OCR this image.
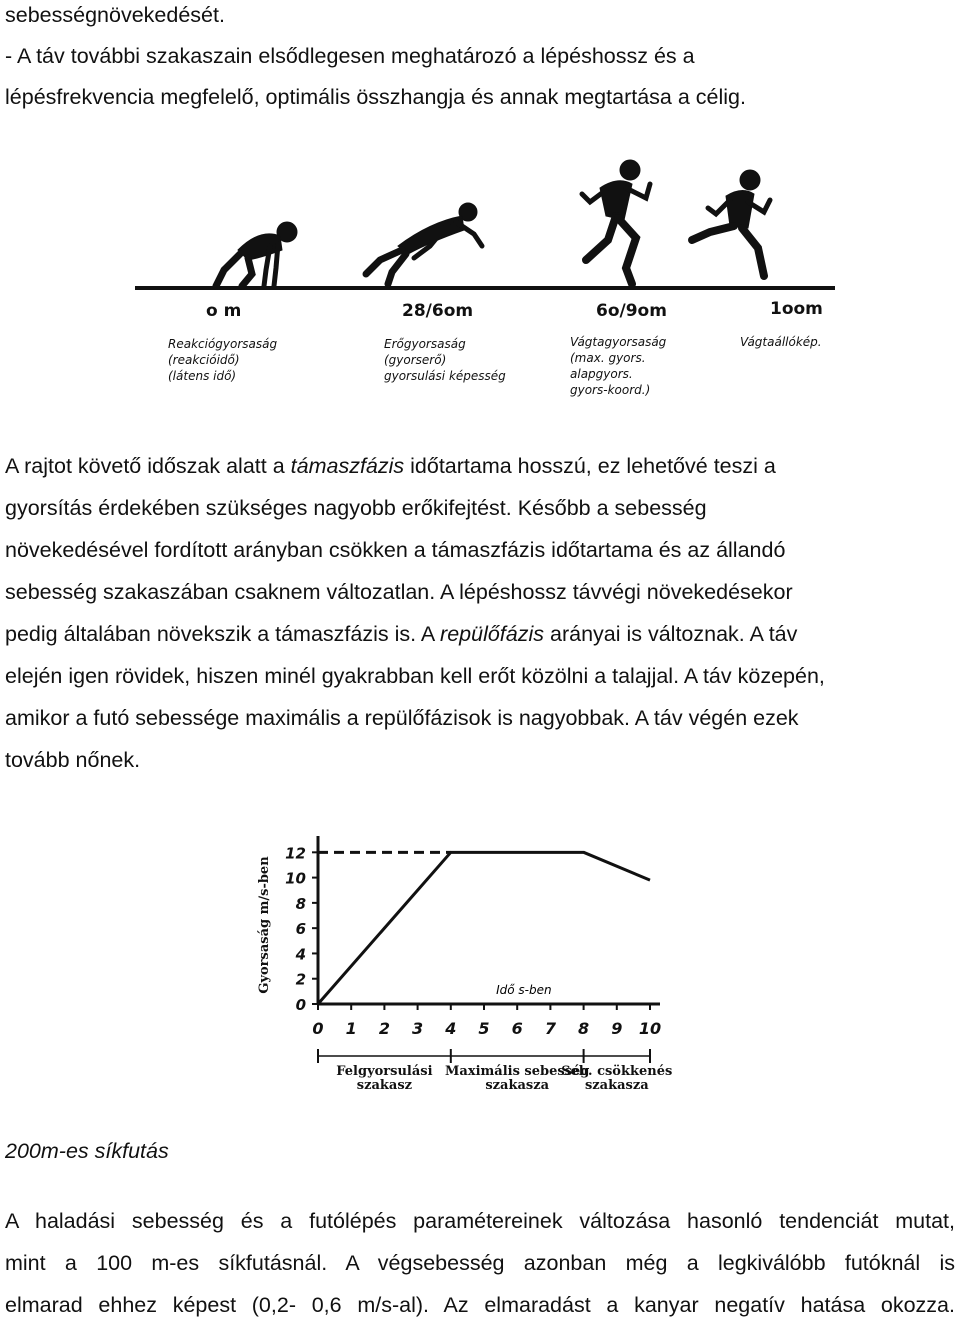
sebességnövekedését.
- A táv további szakaszain elsődlegesen meghatározó a lépéshossz és a
lépésfrekvencia megfelelő, optimális összhangja és annak megtartása a célig.
o m	28/6om	6o/9om	1oom
Reakciógyorsaság
(reakcióidő)
(látens idő)
Erőgyorsaság
(gyorserő)
gyorsulási képesség
Vágtagyorsaság
(max. gyors.
alapgyors.
gyors-koord.)
Vágtaállókép.
A rajtot követő időszak alatt a támaszfázis időtartama hosszú, ez lehetővé teszi a
gyorsítás érdekében szükséges nagyobb erőkifejtést. Később a sebesség
növekedésével fordított arányban csökken a támaszfázis időtartama és az állandó
sebesség szakaszában csaknem változatlan. A lépéshossz távvégi növekedésekor
pedig általában növekszik a támaszfázis is. A repülőfázis arányai is változnak. A táv
elején igen rövidek, hiszen minél gyakrabban kell erőt közölni a talajjal. A táv közepén,
amikor a futó sebessége maximális a repülőfázisok is nagyobbak. A táv végén ezek
tovább nőnek.
0
2
4
6
8
10
12
0 1 2 3 4 5 6 7 8 9 10
Gyorsaság m/s-ben	Idő s-ben
Felgyorsulási
szakasz
Maximális sebesség
szakasza
Seb. csökkenés
szakasza
200m-es síkfutás
A haladási sebesség és a futólépés paramétereinek változása hasonló tendenciát mutat,
mint a 100 m-es síkfutásnál. A végsebesség azonban még a legkiválóbb futóknál is
elmarad ehhez képest (0,2- 0,6 m/s-al). Az elmaradást a kanyar negatív hatása okozza.
